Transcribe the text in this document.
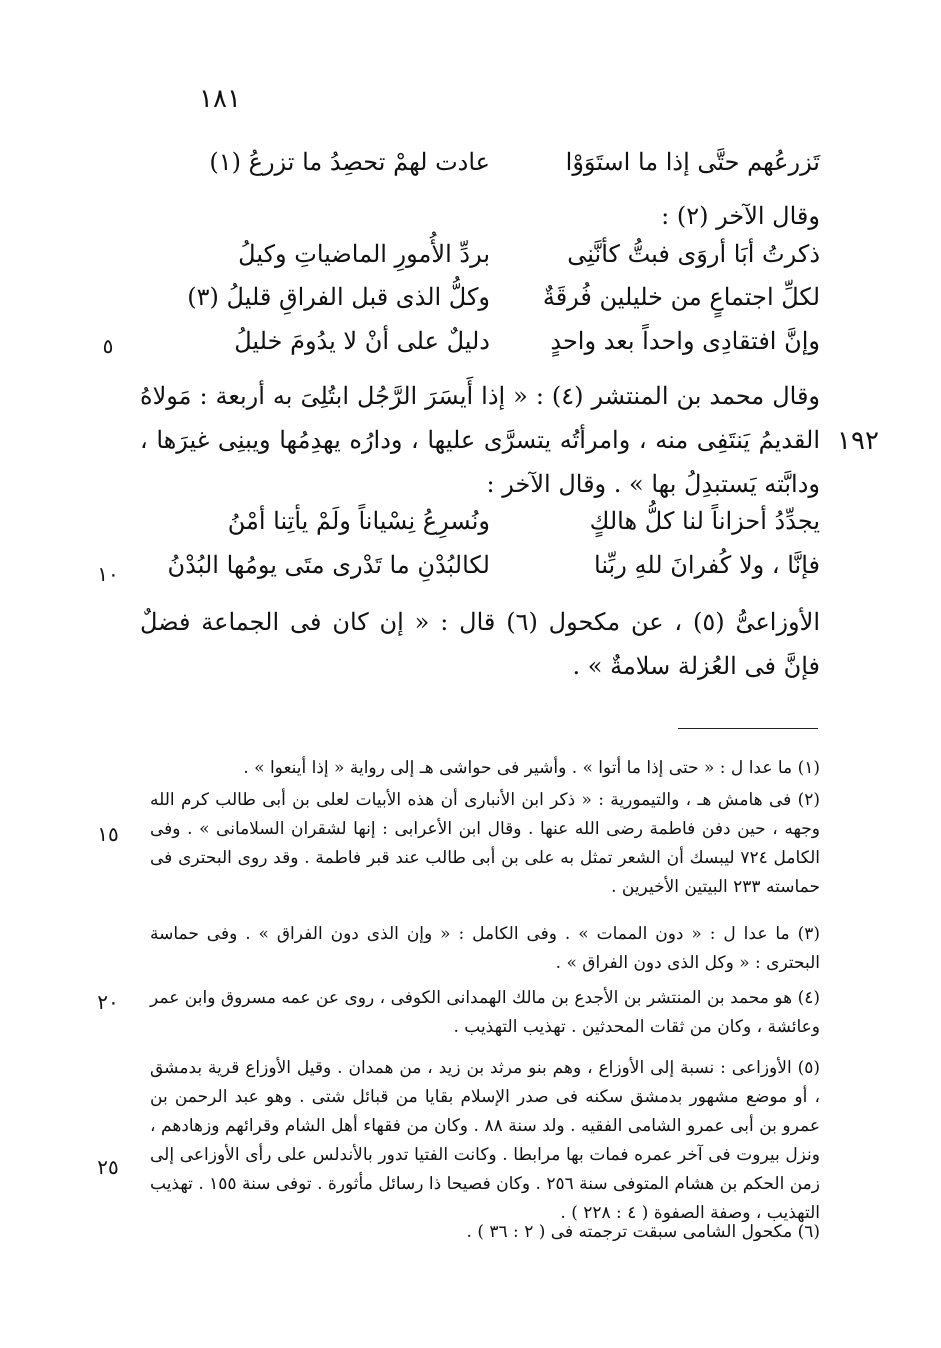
١٨١
تَزرعُهم حتَّى إذا ما استَوَوْا
عادت لهمْ تحصِدُ ما تزرعُ (١)
وقال الآخر (٢) :
ذكرتُ أبَا أروَى فبتُّ كأنَّنِى
بردِّ الأُمورِ الماضياتِ وكيلُ
لكلِّ اجتماعٍ من خليلين فُرقَةٌ
وكلُّ الذى قبل الفراقِ قليلُ (٣)
وإنَّ افتقادِى واحداً بعد واحدٍ
دليلٌ على أنْ لا يدُومَ خليلُ
وقال محمد بن المنتشر (٤) : « إذا أَيسَرَ الرَّجُل ابتُلِىَ به أربعة : مَولاهُ القديمُ يَنتَفِى منه ، وامرأتُه يتسرَّى عليها ، ودارُه يهدِمُها ويبنِى غيرَها ، ودابَّته يَستبدِلُ بها » . وقال الآخر :
يجدِّدُ أحزاناً لنا كلُّ هالكٍ
ونُسرِعُ نِسْياناً ولَمْ يأتِنا أمْنُ
فإنَّا ، ولا كُفرانَ للهِ ربِّنا
لكالبُدْنِ ما تَدْرى متَى يومُها البُدْنُ
الأوزاعىُّ (٥) ، عن مكحول (٦) قال : « إن كان فى الجماعة فضلٌ فإنَّ فى العُزلة سلامةٌ » .
١٩٢
٥
١٠
١٥
٢٠
٢٥
(١) ما عدا ل : « حتى إذا ما أتوا » . وأشير فى حواشى هـ إلى رواية « إذا أينعوا » .
(٢) فى هامش هـ ، والتيمورية : « ذكر ابن الأنبارى أن هذه الأبيات لعلى بن أبى طالب كرم الله وجهه ، حين دفن فاطمة رضى الله عنها . وقال ابن الأعرابى : إنها لشقران السلامانى » . وفى الكامل ٧٢٤ ليبسك أن الشعر تمثل به على بن أبى طالب عند قبر فاطمة . وقد روى البحترى فى حماسته ٢٣٣ البيتين الأخيرين .
(٣) ما عدا ل : « دون الممات » . وفى الكامل : « وإن الذى دون الفراق » . وفى حماسة البحترى : « وكل الذى دون الفراق » .
(٤) هو محمد بن المنتشر بن الأجدع بن مالك الهمدانى الكوفى ، روى عن عمه مسروق وابن عمر وعائشة ، وكان من ثقات المحدثين . تهذيب التهذيب .
(٥) الأوزاعى : نسبة إلى الأوزاع ، وهم بنو مرثد بن زيد ، من همدان . وقيل الأوزاع قرية بدمشق ، أو موضع مشهور بدمشق سكنه فى صدر الإسلام بقايا من قبائل شتى . وهو عبد الرحمن بن عمرو بن أبى عمرو الشامى الفقيه . ولد سنة ٨٨ . وكان من فقهاء أهل الشام وقرائهم وزهادهم ، ونزل بيروت فى آخر عمره فمات بها مرابطا . وكانت الفتيا تدور بالأندلس على رأى الأوزاعى إلى زمن الحكم بن هشام المتوفى سنة ٢٥٦ . وكان فصيحا ذا رسائل مأثورة . توفى سنة ١٥٥ . تهذيب التهذيب ، وصفة الصفوة ( ٤ : ٢٢٨ ) .
(٦) مكحول الشامى سبقت ترجمته فى ( ٢ : ٣٦ ) .
